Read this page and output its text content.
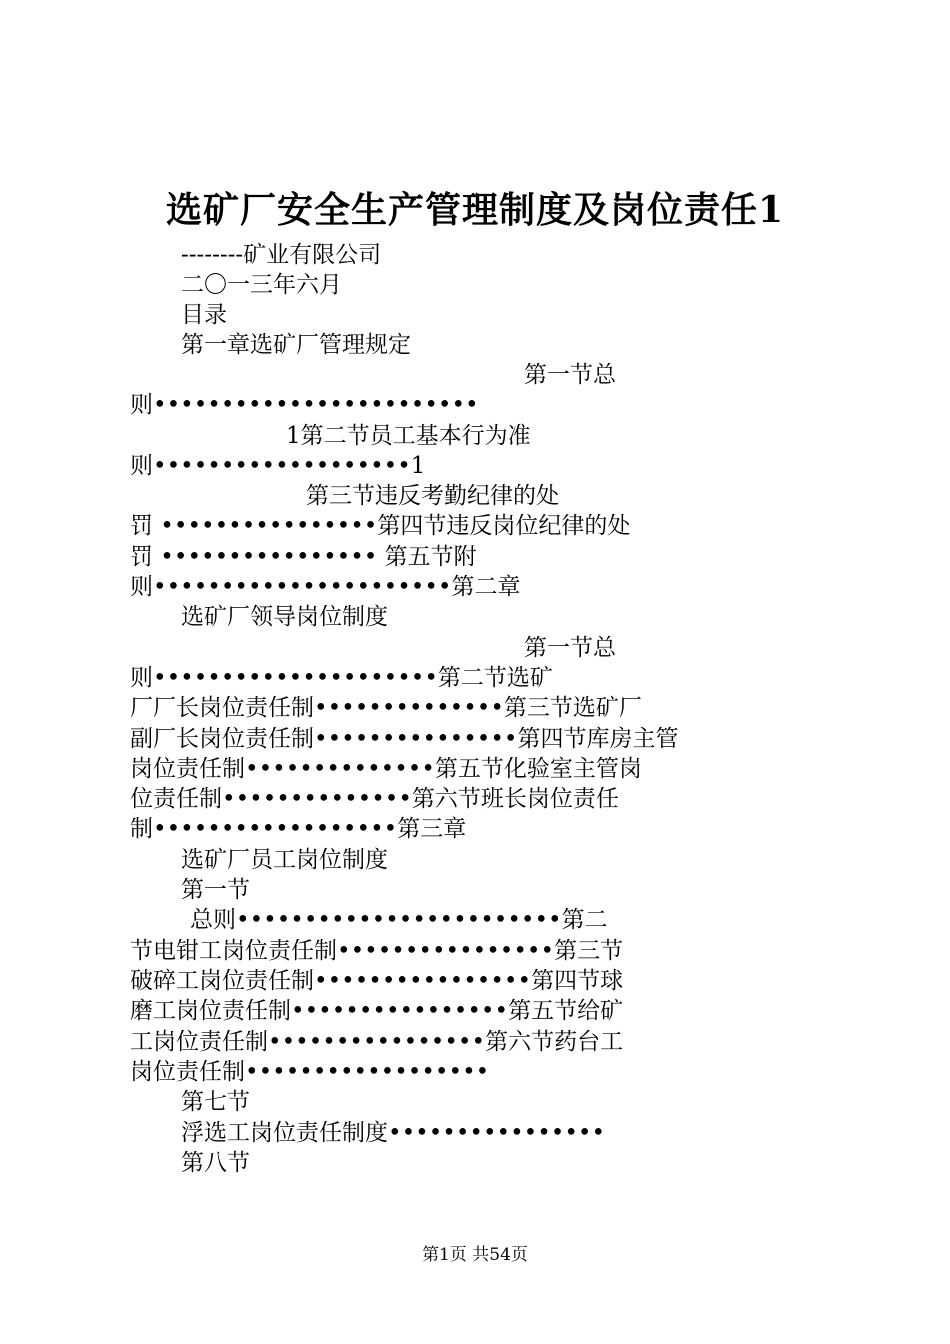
选矿厂安全生产管理制度及岗位责任1
--------矿业有限公司
二〇一三年六月
目录
第一章选矿厂管理规定
第一节总
则••••••••••••••••••••••••
1第二节员工基本行为准
则•••••••••••••••••••1
第三节违反考勤纪律的处
罚 ••••••••••••••••第四节违反岗位纪律的处
罚 •••••••••••••••• 第五节附
则••••••••••••••••••••••第二章
选矿厂领导岗位制度
第一节总
则•••••••••••••••••••••第二节选矿
厂厂长岗位责任制••••••••••••••第三节选矿厂
副厂长岗位责任制•••••••••••••••第四节库房主管
岗位责任制••••••••••••••第五节化验室主管岗
位责任制••••••••••••••第六节班长岗位责任
制••••••••••••••••••第三章
选矿厂员工岗位制度
第一节
总则••••••••••••••••••••••••第二
节电钳工岗位责任制••••••••••••••••第三节
破碎工岗位责任制••••••••••••••••第四节球
磨工岗位责任制••••••••••••••••第五节给矿
工岗位责任制••••••••••••••••第六节药台工
岗位责任制••••••••••••••••••
第七节
浮选工岗位责任制度••••••••••••••••
第八节
第1页 共54页
